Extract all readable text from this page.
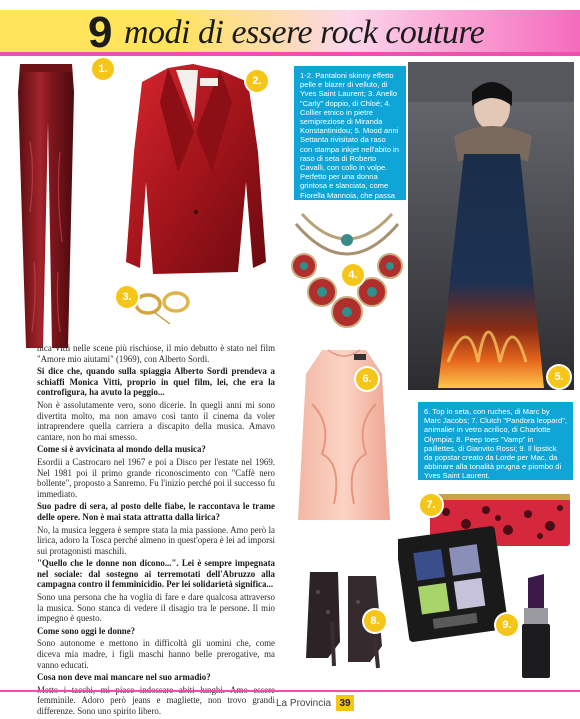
9 modi di essere rock couture
1.
2.
3.
1-2. Pantaloni skinny effetto pelle e blazer di velluto, di Yves Saint Laurent; 3. Anello "Carly" doppio, di Chloé; 4. Collier etnico in pietre semipreziose di Miranda Konstantinidou; 5. Mood anni Settanta rivisitato da raso con stampa inkjet nell'abito in raso di seta di Roberto Cavalli, con collo in volpe. Perfetto per una donna grintosa e slanciata, come Fiorella Mannoia, che passa con disinvoltura dal look gran sera alle T-shirt.
4.
5.
6.
6. Top in seta, con ruches, di Marc by Marc Jacobs; 7. Clutch "Pandora leopard", animalier in vetro acrilico, di Charlotte Olympia; 8. Peep toes "Vamp" in paillettes, di Gianvito Rossi; 9. Il lipstick da popstar creato da Lorde per Mac, da abbinare alla tonalità prugna e piombo di Yves Saint Laurent.
7.
8.	9.

nica Vitti nelle scene più rischiose, il mio debutto è stato nel film "Amore mio aiutami" (1969), con Alberto Sordi.

Si dice che, quando sulla spiaggia Alberto Sordi prendeva a schiaffi Monica Vitti, proprio in quel film, lei, che era la controfigura, ha avuto la peggio...

Non è assolutamente vero, sono dicerie. In quegli anni mi sono divertita molto, ma non amavo così tanto il cinema da voler intraprendere quella carriera a discapito della musica. Amavo cantare, non ho mai smesso.

Come si è avvicinata al mondo della musica?

Esordii a Castrocaro nel 1967 e poi a Disco per l'estate nel 1969. Nel 1981 poi il primo grande riconoscimento con "Caffè nero bollente", proposto a Sanremo. Fu l'inizio perché poi il successo fu immediato.

Suo padre di sera, al posto delle fiabe, le raccontava le trame delle opere. Non è mai stata attratta dalla lirica?

No, la musica leggera è sempre stata la mia passione. Amo però la lirica, adoro la Tosca perché almeno in quest'opera è lei ad imporsi sui protagonisti maschili.

"Quello che le donne non dicono...". Lei è sempre impegnata nel sociale: dal sostegno ai terremotati dell'Abruzzo alla campagna contro il femminicidio. Per lei solidarietà significa...

Sono una persona che ha voglia di fare e dare qualcosa attraverso la musica. Sono stanca di vedere il disagio tra le persone. Il mio impegno è questo.

Come sono oggi le donne?

Sono autonome e mettono in difficoltà gli uomini che, come diceva mia madre, i figli maschi hanno belle prerogative, ma vanno educati.

Cosa non deve mai mancare nel suo armadio?

femminile. Adoro però jeans e magliette, non trovo grandi differenze. Sono uno spirito libero.

La Provincia 39
